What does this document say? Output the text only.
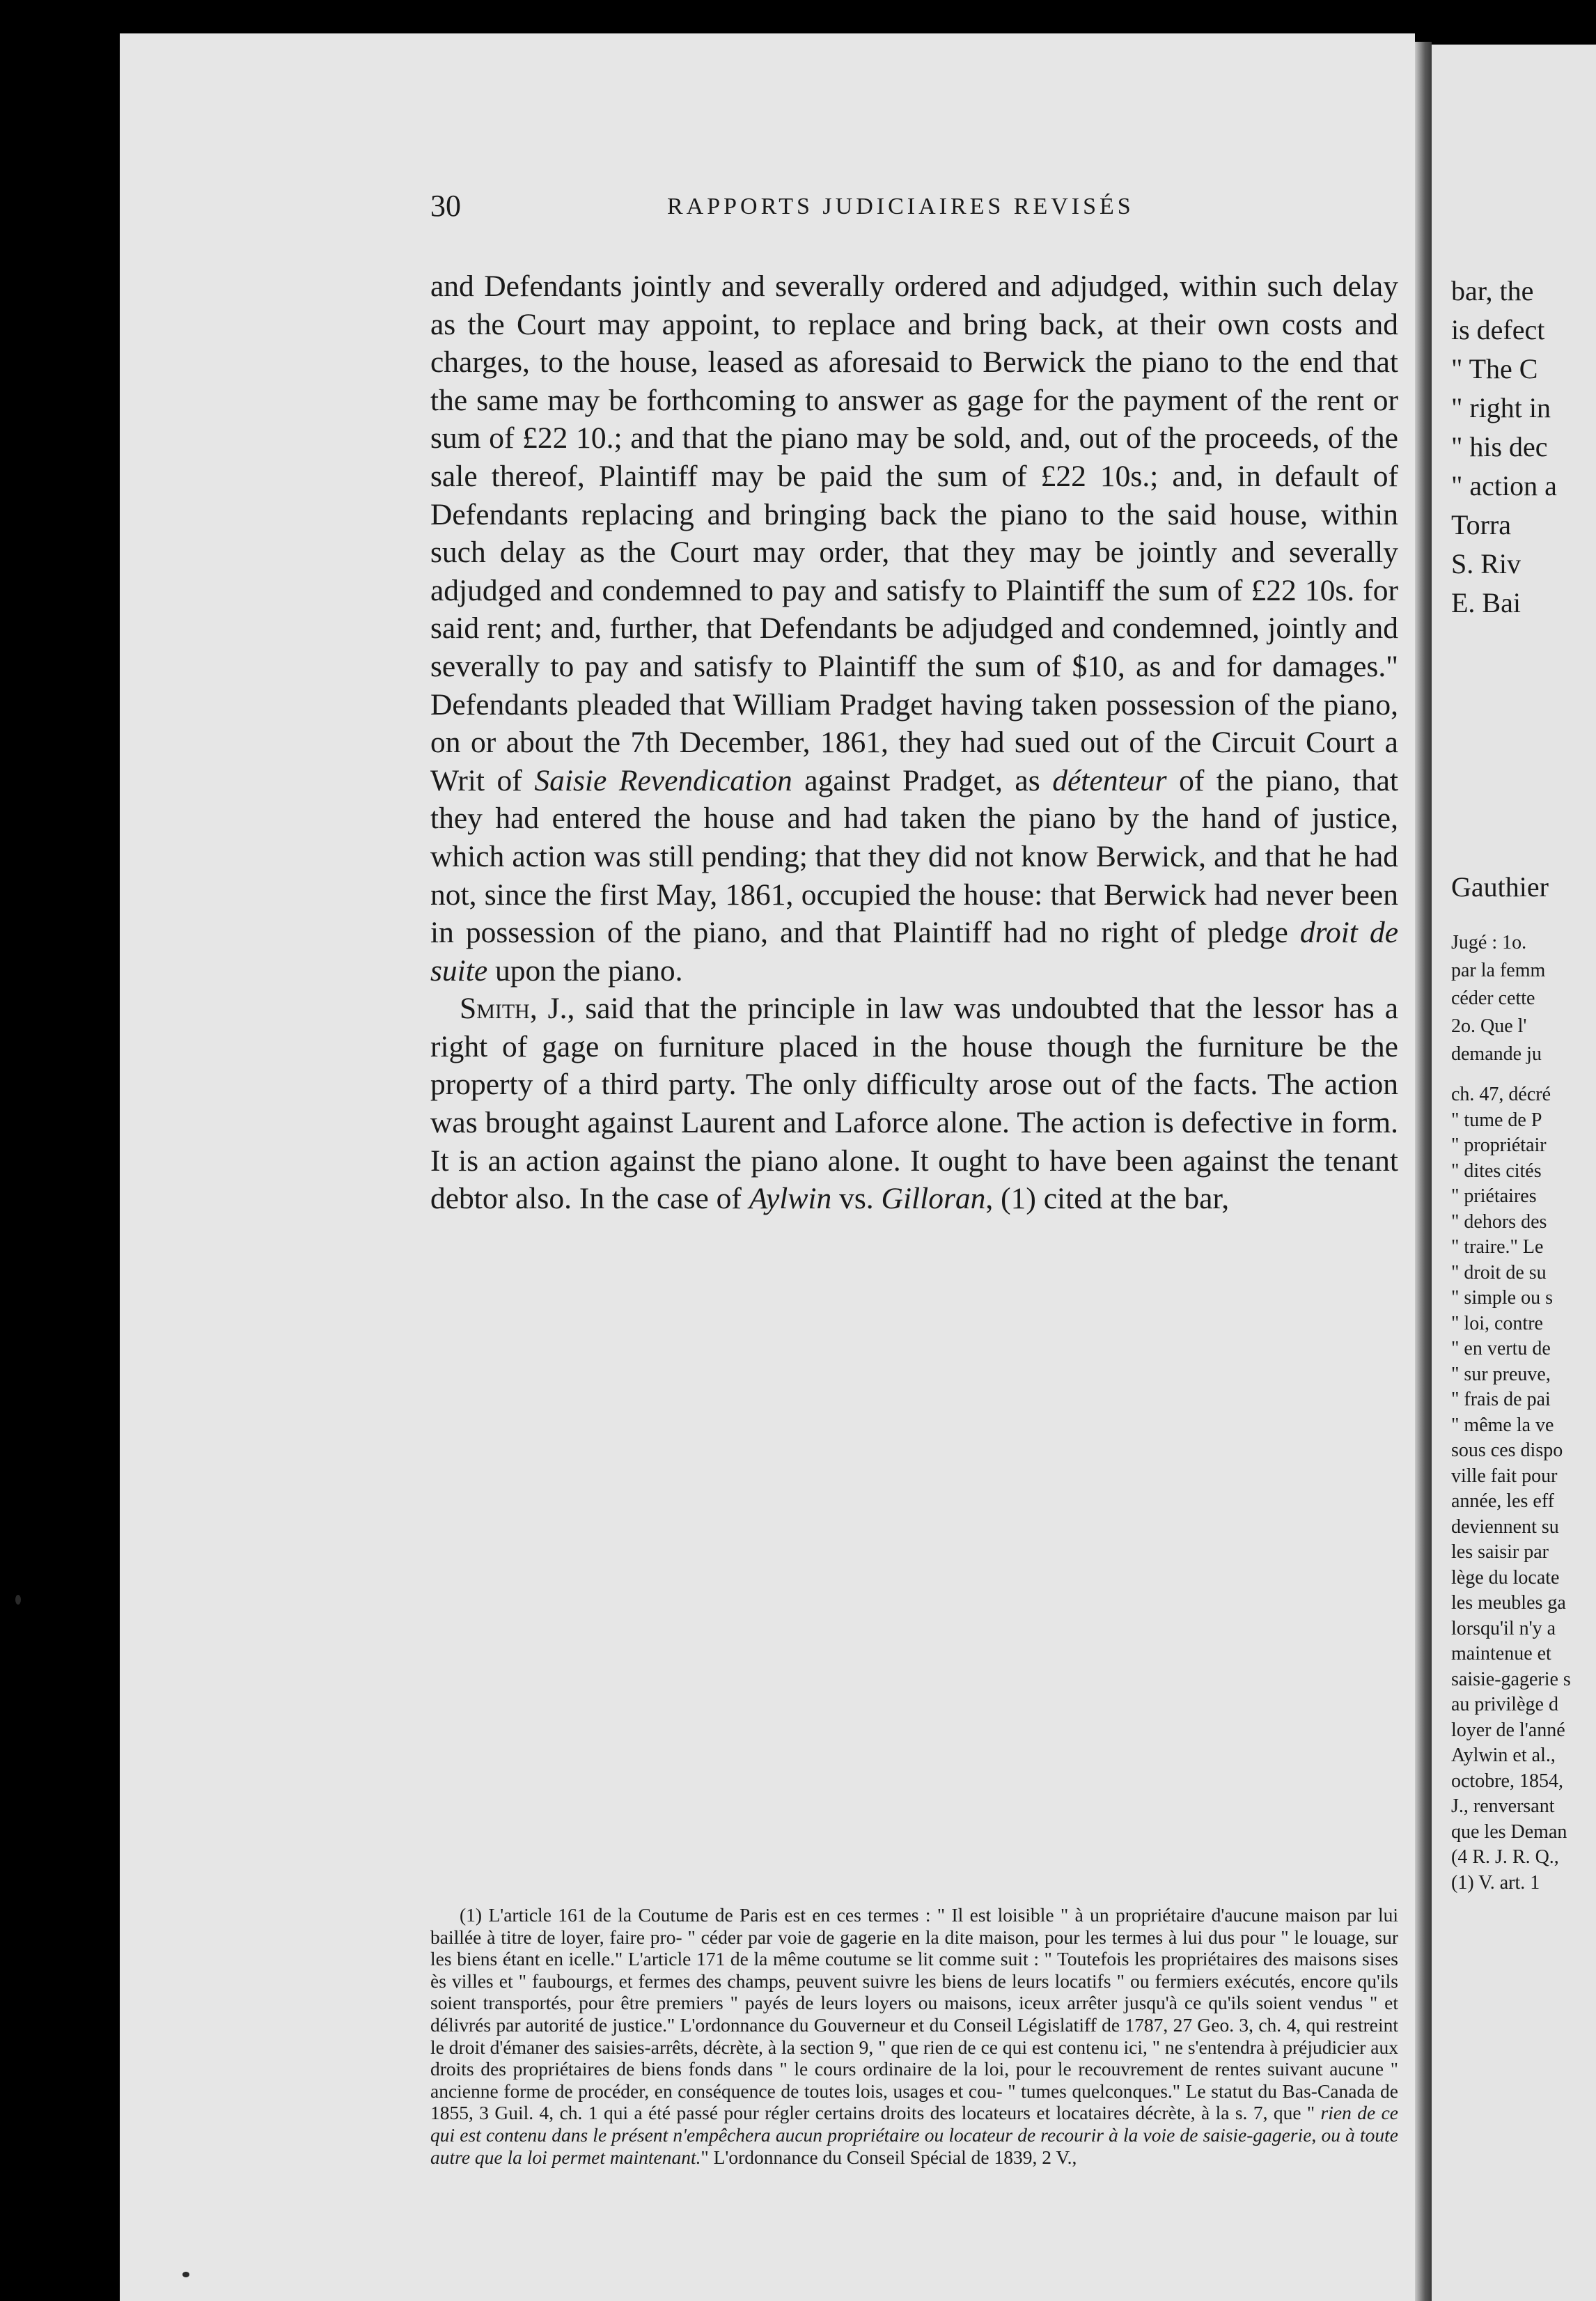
bar, the
is defect
" The C
" right in
" his dec
" action a
Torra
S. Riv
E. Bai
Gauthier
Jugé : 1o.
par la femm
céder cette
2o. Que l'
demande ju
ch. 47, décré
" tume de P
" propriétair
" dites cités
" priétaires
" dehors des
" traire." Le
" droit de su
" simple ou s
" loi, contre
" en vertu de
" sur preuve,
" frais de pai
" même la ve
sous ces dispo
ville fait pour
année, les eff
deviennent su
les saisir par
lège du locate
les meubles ga
lorsqu'il n'y a
maintenue et
saisie-gagerie s
au privilège d
loyer de l'anné
Aylwin et al.,
octobre, 1854,
J., renversant
que les Deman
(4 R. J. R. Q.,
(1) V. art. 1
30	RAPPORTS JUDICIAIRES REVISÉS

and Defendants jointly and severally ordered and adjudged, within such delay as the Court may appoint, to replace and bring back, at their own costs and charges, to the house, leased as aforesaid to Berwick the piano to the end that the same may be forthcoming to answer as gage for the payment of the rent or sum of £22 10.; and that the piano may be sold, and, out of the proceeds, of the sale thereof, Plaintiff may be paid the sum of £22 10s.; and, in default of Defendants replacing and bringing back the piano to the said house, within such delay as the Court may order, that they may be jointly and severally adjudged and condemned to pay and satisfy to Plaintiff the sum of £22 10s. for said rent; and, further, that Defendants be adjudged and condemned, jointly and severally to pay and satisfy to Plaintiff the sum of $10, as and for damages." Defendants pleaded that William Pradget having taken possession of the piano, on or about the 7th December, 1861, they had sued out of the Circuit Court a Writ of Saisie Revendication against Pradget, as détenteur of the piano, that they had entered the house and had taken the piano by the hand of justice, which action was still pending; that they did not know Berwick, and that he had not, since the first May, 1861, occupied the house: that Berwick had never been in possession of the piano, and that Plaintiff had no right of pledge droit de suite upon the piano.

Smith, J., said that the principle in law was undoubted that the lessor has a right of gage on furniture placed in the house though the furniture be the property of a third party. The only difficulty arose out of the facts. The action was brought against Laurent and Laforce alone. The action is defective in form. It is an action against the piano alone. It ought to have been against the tenant debtor also. In the case of Aylwin vs. Gilloran, (1) cited at the bar,

(1) L'article 161 de la Coutume de Paris est en ces termes : " Il est loisible " à un propriétaire d'aucune maison par lui baillée à titre de loyer, faire pro- " céder par voie de gagerie en la dite maison, pour les termes à lui dus pour " le louage, sur les biens étant en icelle." L'article 171 de la même coutume se lit comme suit : " Toutefois les propriétaires des maisons sises ès villes et " faubourgs, et fermes des champs, peuvent suivre les biens de leurs locatifs " ou fermiers exécutés, encore qu'ils soient transportés, pour être premiers " payés de leurs loyers ou maisons, iceux arrêter jusqu'à ce qu'ils soient vendus " et délivrés par autorité de justice." L'ordonnance du Gouverneur et du Conseil Législatiff de 1787, 27 Geo. 3, ch. 4, qui restreint le droit d'émaner des saisies-arrêts, décrète, à la section 9, " que rien de ce qui est contenu ici, " ne s'entendra à préjudicier aux droits des propriétaires de biens fonds dans " le cours ordinaire de la loi, pour le recouvrement de rentes suivant aucune " ancienne forme de procéder, en conséquence de toutes lois, usages et cou- " tumes quelconques." Le statut du Bas-Canada de 1855, 3 Guil. 4, ch. 1 qui a été passé pour régler certains droits des locateurs et locataires décrète, à la s. 7, que " rien de ce qui est contenu dans le présent n'empêchera aucun propriétaire ou locateur de recourir à la voie de saisie-gagerie, ou à toute autre que la loi permet maintenant." L'ordonnance du Conseil Spécial de 1839, 2 V.,
